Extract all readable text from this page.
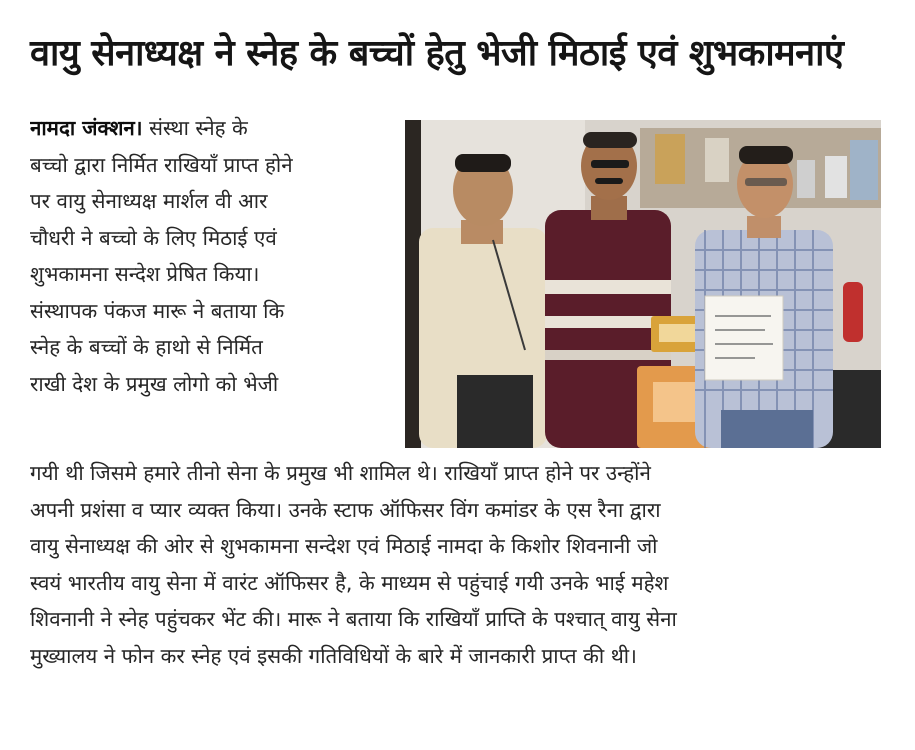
वायु सेनाध्यक्ष ने स्नेह के बच्चों हेतु भेजी मिठाई एवं शुभकामनाएं
नामदा जंक्शन। संस्था स्नेह के
बच्चो द्वारा निर्मित राखियाँ प्राप्त होने
पर वायु सेनाध्यक्ष मार्शल वी आर
चौधरी ने बच्चो के लिए मिठाई एवं
शुभकामना सन्देश प्रेषित किया।
संस्थापक पंकज मारू ने बताया कि
स्नेह के बच्चों के हाथो से निर्मित
राखी देश के प्रमुख लोगो को भेजी
गयी थी जिसमे हमारे तीनो सेना के प्रमुख भी शामिल थे। राखियाँ प्राप्त होने पर उन्होंने
अपनी प्रशंसा व प्यार व्यक्त किया। उनके स्टाफ ऑफिसर विंग कमांडर के एस रैना द्वारा
वायु सेनाध्यक्ष की ओर से शुभकामना सन्देश एवं मिठाई नामदा के किशोर शिवनानी जो
स्वयं भारतीय वायु सेना में वारंट ऑफिसर है, के माध्यम से पहुंचाई गयी उनके भाई महेश
शिवनानी ने स्नेह पहुंचकर भेंट की। मारू ने बताया कि राखियाँ प्राप्ति के पश्चात् वायु सेना
मुख्यालय ने फोन कर स्नेह एवं इसकी गतिविधियों के बारे में जानकारी प्राप्त की थी।
